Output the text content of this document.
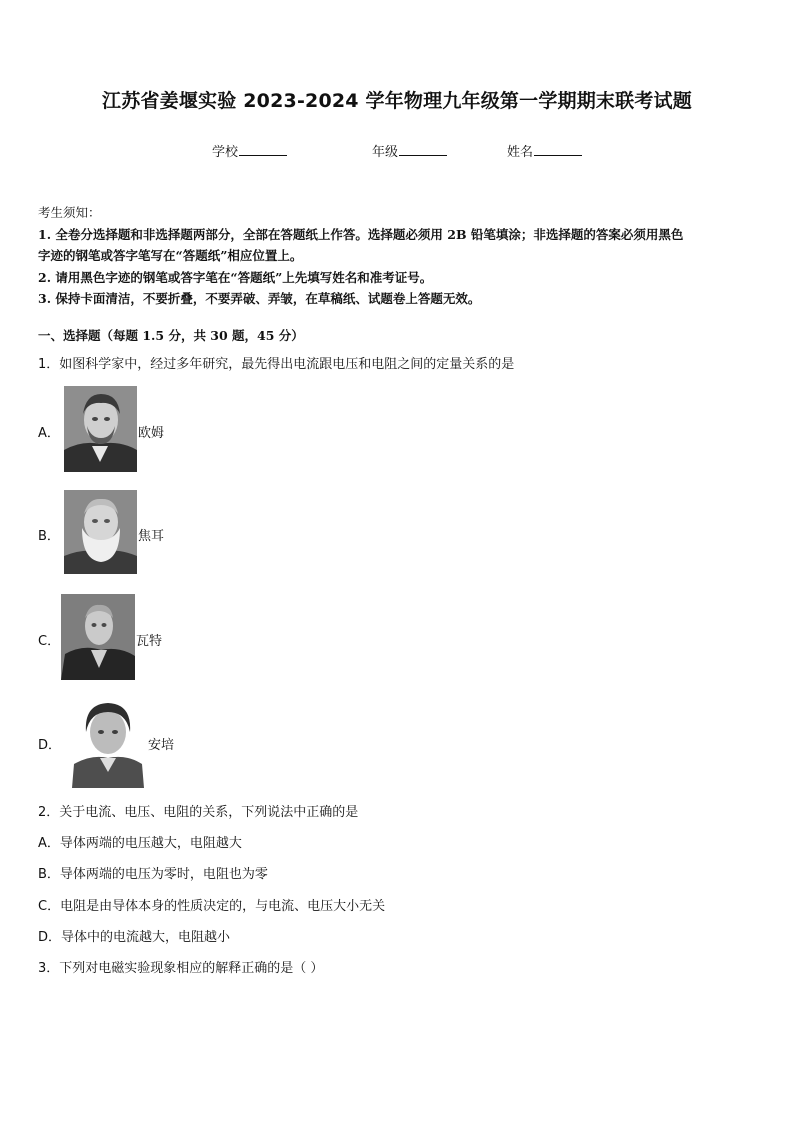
江苏省姜堰实验 2023-2024 学年物理九年级第一学期期末联考试题
学校	年级	姓名
考生须知：
1. 全卷分选择题和非选择题两部分，全部在答题纸上作答。选择题必须用 2B 铅笔填涂；非选择题的答案必须用黑色
字迹的钢笔或答字笔写在“答题纸”相应位置上。
2. 请用黑色字迹的钢笔或答字笔在“答题纸”上先填写姓名和准考证号。
3. 保持卡面清洁，不要折叠，不要弄破、弄皱，在草稿纸、试题卷上答题无效。
一、选择题（每题 1.5 分，共 30 题，45 分）
1．如图科学家中，经过多年研究，最先得出电流跟电压和电阻之间的定量关系的是
A．	欧姆
B．	焦耳
C．	瓦特
D．	安培
2．关于电流、电压、电阻的关系，下列说法中正确的是
A．导体两端的电压越大，电阻越大
B．导体两端的电压为零时，电阻也为零
C．电阻是由导体本身的性质决定的，与电流、电压大小无关
D．导体中的电流越大，电阻越小
3．下列对电磁实验现象相应的解释正确的是（ ）
